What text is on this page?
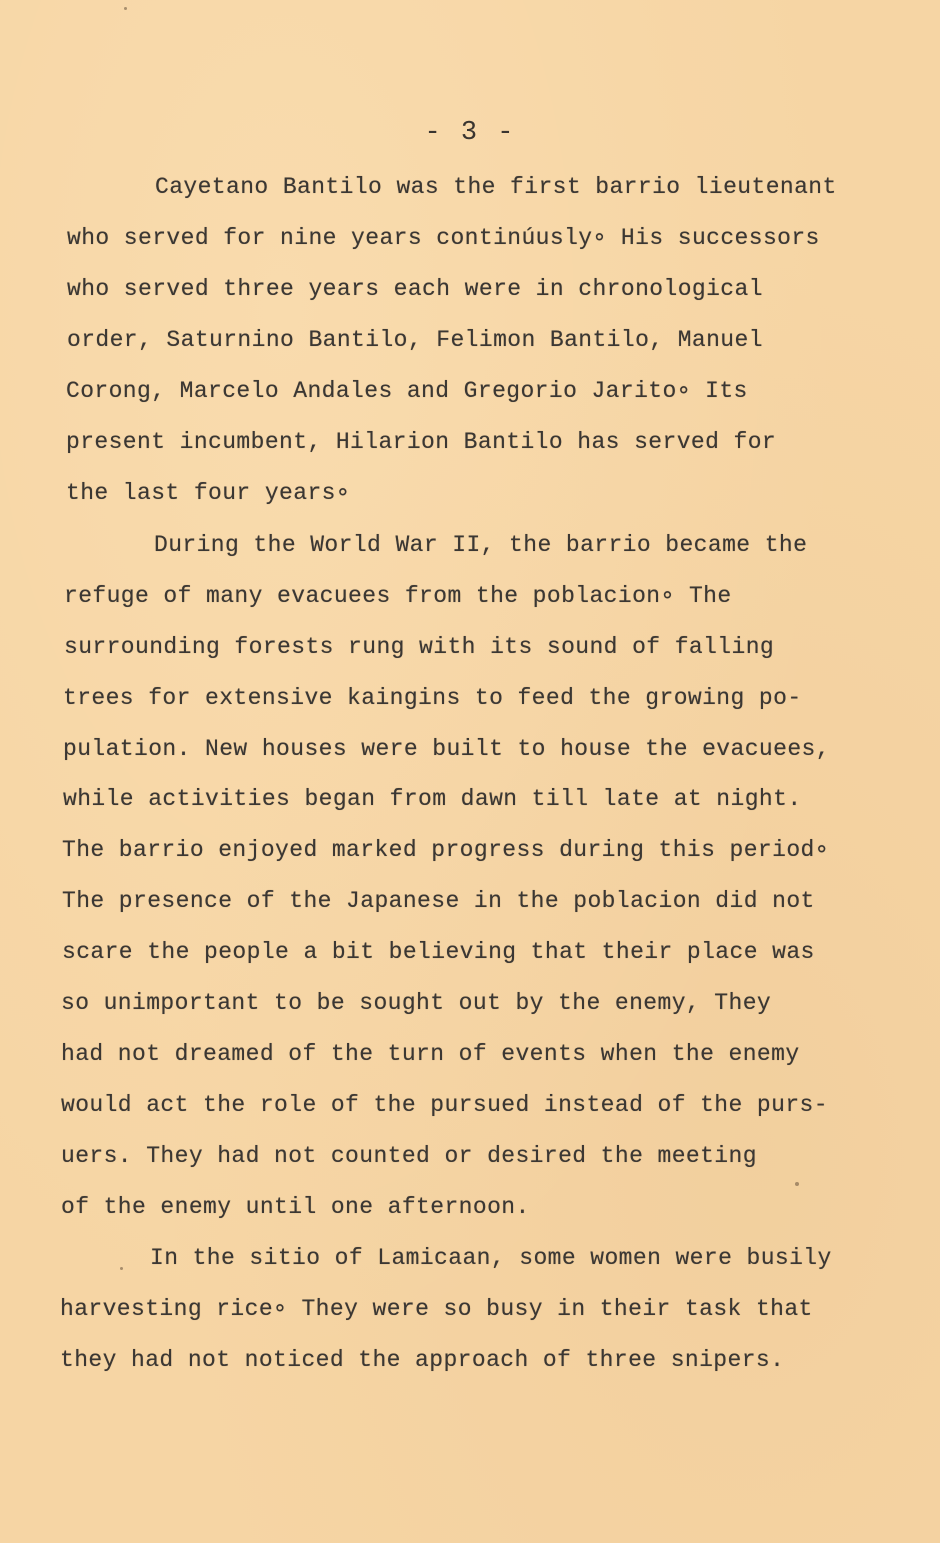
- 3 -
Cayetano Bantilo was the first barrio lieutenant
who served for nine years continúusly∘ His successors
who served three years each were in chronological
order, Saturnino Bantilo, Felimon Bantilo, Manuel
Corong, Marcelo Andales and Gregorio Jarito∘ Its
present incumbent, Hilarion Bantilo has served for
the last four years∘
During the World War II, the barrio became the
refuge of many evacuees from the poblacion∘ The
surrounding forests rung with its sound of falling
trees for extensive kaingins to feed the growing po-
pulation. New houses were built to house the evacuees,
while activities began from dawn till late at night.
The barrio enjoyed marked progress during this period∘
The presence of the Japanese in the poblacion did not
scare the people a bit believing that their place was
so unimportant to be sought out by the enemy, They
had not dreamed of the turn of events when the enemy
would act the role of the pursued instead of the purs-
uers. They had not counted or desired the meeting
of the enemy until one afternoon.
In the sitio of Lamicaan, some women were busily
harvesting rice∘ They were so busy in their task that
they had not noticed the approach of three snipers.
